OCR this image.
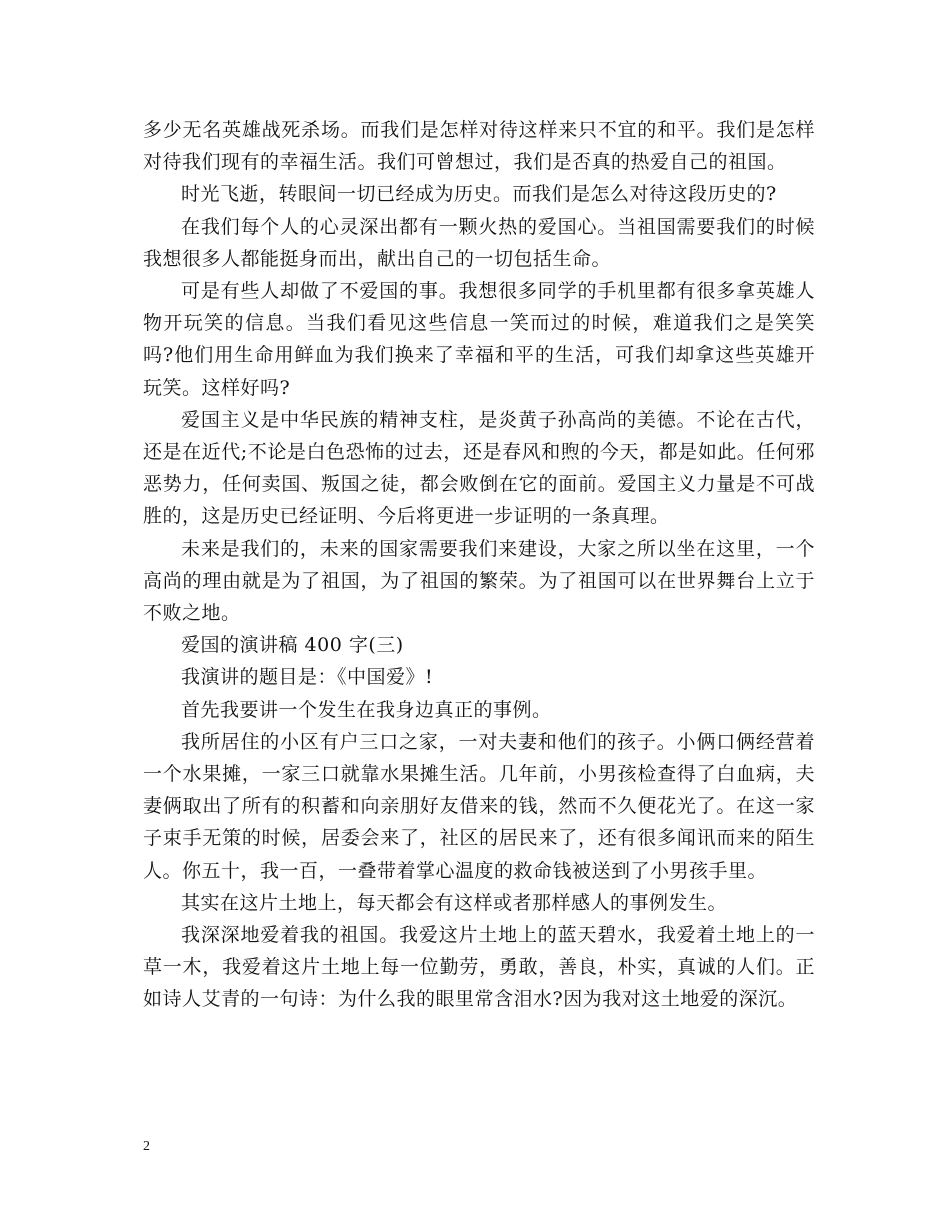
多少无名英雄战死杀场。而我们是怎样对待这样来只不宜的和平。我们是怎样对待我们现有的幸福生活。我们可曾想过，我们是否真的热爱自己的祖国。

时光飞逝，转眼间一切已经成为历史。而我们是怎么对待这段历史的?

在我们每个人的心灵深出都有一颗火热的爱国心。当祖国需要我们的时候我想很多人都能挺身而出，献出自己的一切包括生命。

可是有些人却做了不爱国的事。我想很多同学的手机里都有很多拿英雄人物开玩笑的信息。当我们看见这些信息一笑而过的时候，难道我们之是笑笑吗?他们用生命用鲜血为我们换来了幸福和平的生活，可我们却拿这些英雄开玩笑。这样好吗?

爱国主义是中华民族的精神支柱，是炎黄子孙高尚的美德。不论在古代，还是在近代;不论是白色恐怖的过去，还是春风和煦的今天，都是如此。任何邪恶势力，任何卖国、叛国之徒，都会败倒在它的面前。爱国主义力量是不可战胜的，这是历史已经证明、今后将更进一步证明的一条真理。

未来是我们的，未来的国家需要我们来建设，大家之所以坐在这里，一个高尚的理由就是为了祖国，为了祖国的繁荣。为了祖国可以在世界舞台上立于不败之地。

爱国的演讲稿 400 字(三)

我演讲的题目是：《中国爱》!

首先我要讲一个发生在我身边真正的事例。

我所居住的小区有户三口之家，一对夫妻和他们的孩子。小俩口俩经营着一个水果摊，一家三口就靠水果摊生活。几年前，小男孩检查得了白血病，夫妻俩取出了所有的积蓄和向亲朋好友借来的钱，然而不久便花光了。在这一家子束手无策的时候，居委会来了，社区的居民来了，还有很多闻讯而来的陌生人。你五十，我一百，一叠带着掌心温度的救命钱被送到了小男孩手里。

其实在这片土地上，每天都会有这样或者那样感人的事例发生。

我深深地爱着我的祖国。我爱这片土地上的蓝天碧水，我爱着土地上的一草一木，我爱着这片土地上每一位勤劳，勇敢，善良，朴实，真诚的人们。正如诗人艾青的一句诗：为什么我的眼里常含泪水?因为我对这土地爱的深沉。

2
